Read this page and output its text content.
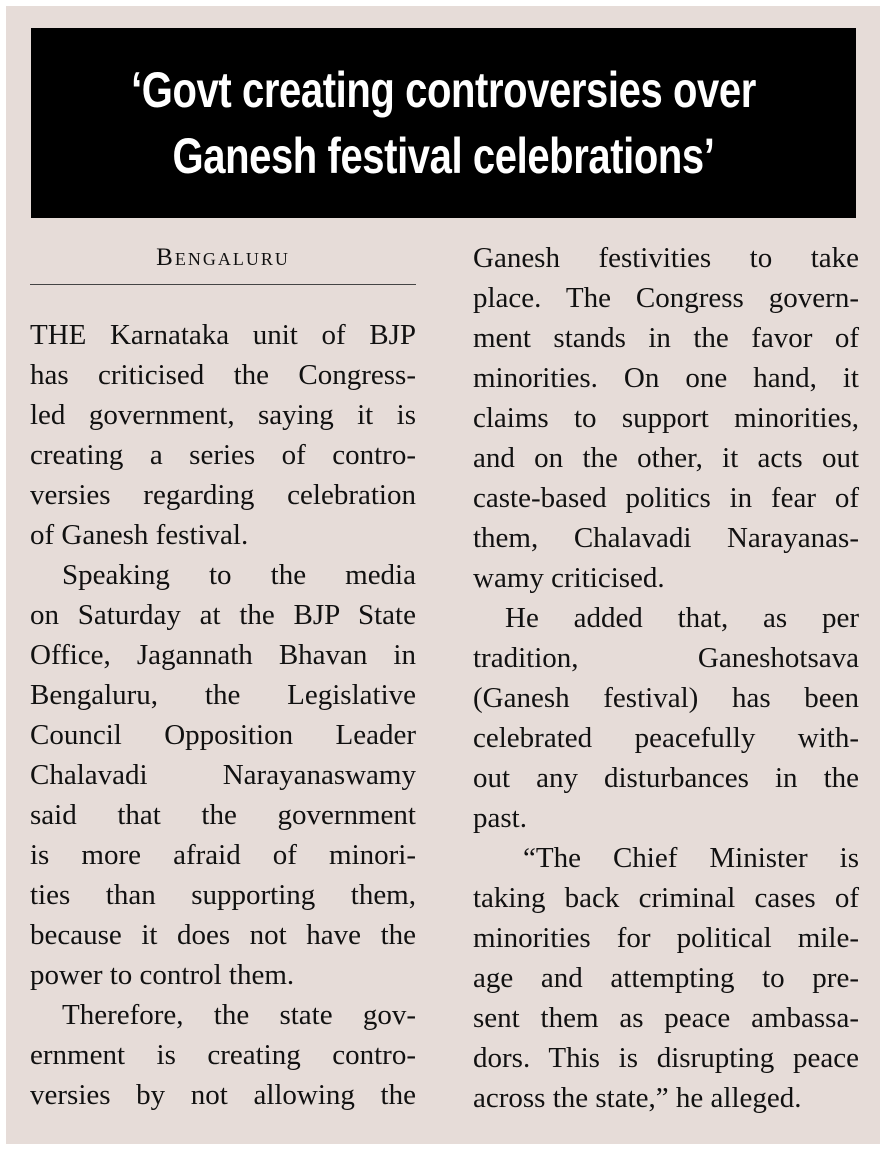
‘Govt creating controversies over
Ganesh festival celebrations’
Bengaluru
THE Karnataka unit of BJP
has criticised the Congress-
led government, saying it is
creating a series of contro-
versies regarding celebration
of Ganesh festival.
Speaking to the media
on Saturday at the BJP State
Office, Jagannath Bhavan in
Bengaluru, the Legislative
Council Opposition Leader
Chalavadi Narayanaswamy
said that the government
is more afraid of minori-
ties than supporting them,
because it does not have the
power to control them.
Therefore, the state gov-
ernment is creating contro-
versies by not allowing the
Ganesh festivities to take
place. The Congress govern-
ment stands in the favor of
minorities. On one hand, it
claims to support minorities,
and on the other, it acts out
caste-based politics in fear of
them, Chalavadi Narayanas-
wamy criticised.
He added that, as per
tradition, Ganeshotsava
(Ganesh festival) has been
celebrated peacefully with-
out any disturbances in the
past.
“The Chief Minister is
taking back criminal cases of
minorities for political mile-
age and attempting to pre-
sent them as peace ambassa-
dors. This is disrupting peace
across the state,” he alleged.
